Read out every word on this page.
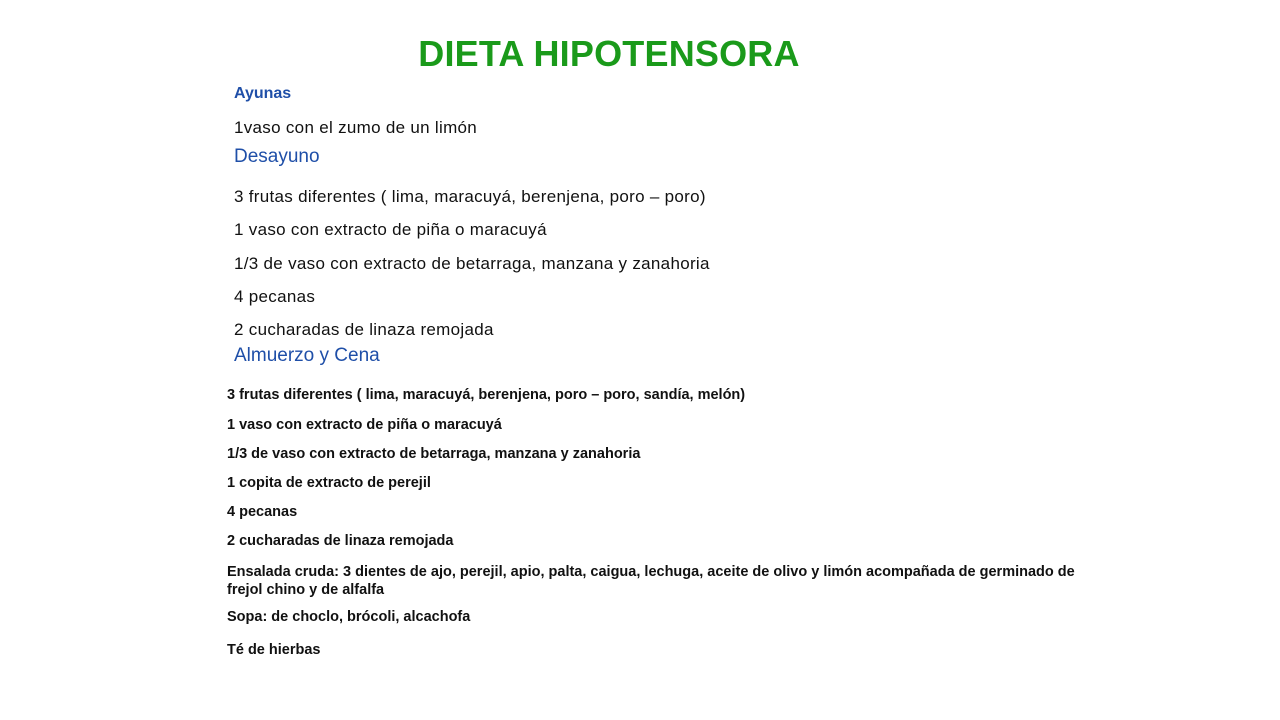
DIETA HIPOTENSORA
Ayunas
1vaso con el zumo de un limón
Desayuno
3 frutas diferentes ( lima, maracuyá, berenjena, poro – poro)
1 vaso con extracto de piña o maracuyá
1/3 de vaso con extracto de betarraga, manzana y zanahoria
4 pecanas
2 cucharadas de linaza remojada
Almuerzo y Cena
3 frutas diferentes ( lima, maracuyá, berenjena, poro – poro, sandía, melón)
1 vaso con extracto de piña o maracuyá
1/3 de vaso con extracto de betarraga, manzana y zanahoria
1 copita de extracto de perejil
4 pecanas
2 cucharadas de linaza remojada
Ensalada cruda: 3 dientes de ajo, perejil, apio, palta, caigua, lechuga, aceite de olivo y limón acompañada de germinado de frejol chino y de alfalfa
Sopa: de choclo, brócoli, alcachofa
Té de hierbas
